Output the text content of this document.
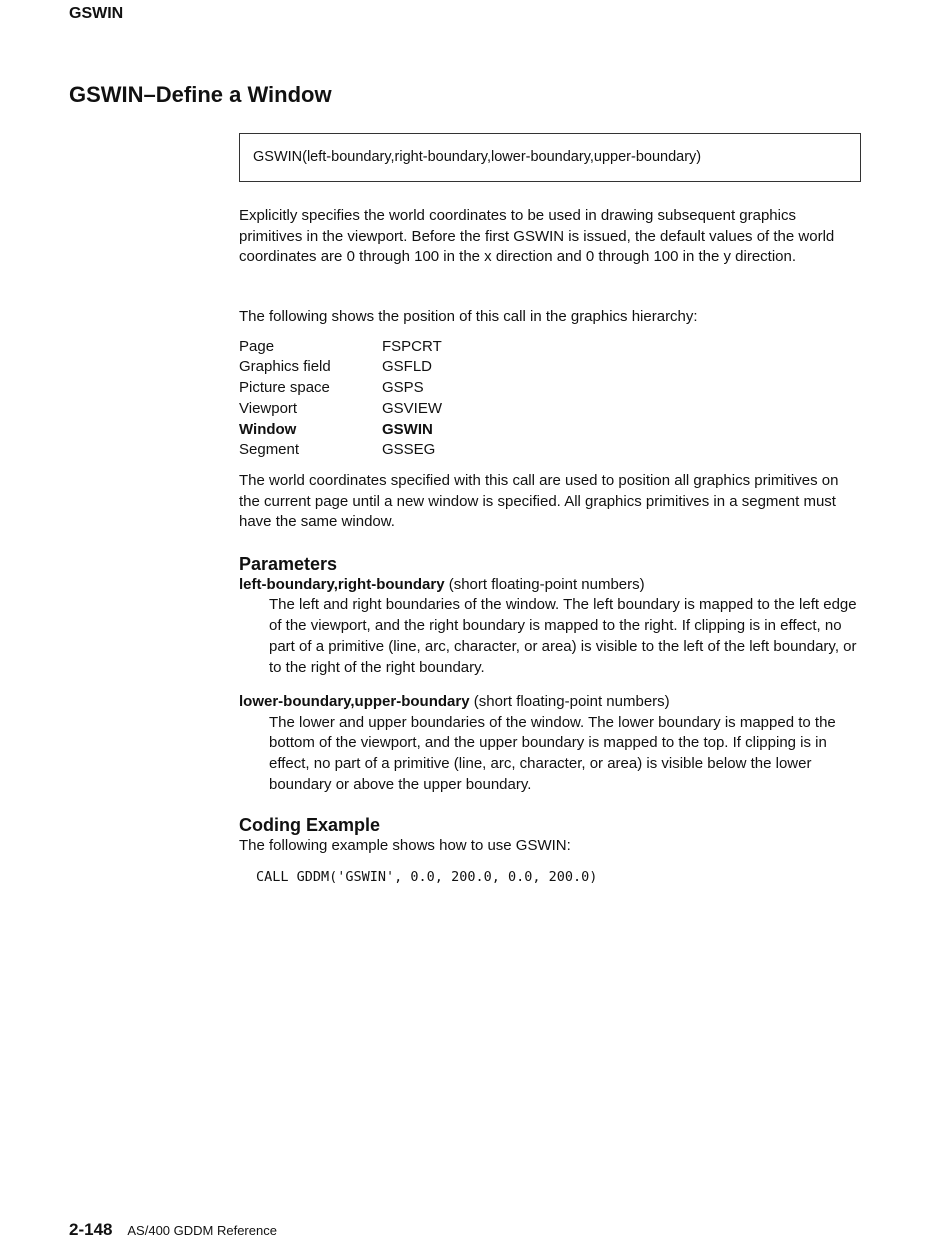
GSWIN

GSWIN–Define a Window
GSWIN(left-boundary,right-boundary,lower-boundary,upper-boundary)

Explicitly specifies the world coordinates to be used in drawing subsequent graphics primitives in the viewport. Before the first GSWIN is issued, the default values of the world coordinates are 0 through 100 in the x direction and 0 through 100 in the y direction.

The following shows the position of this call in the graphics hierarchy:

Page	FSPCRT
Graphics field	GSFLD
Picture space	GSPS
Viewport	GSVIEW
Window	GSWIN
Segment	GSSEG

The world coordinates specified with this call are used to position all graphics primitives on the current page until a new window is specified. All graphics primitives in a segment must have the same window.

Parameters

left-boundary,right-boundary (short floating-point numbers)

The left and right boundaries of the window. The left boundary is mapped to the left edge of the viewport, and the right boundary is mapped to the right. If clipping is in effect, no part of a primitive (line, arc, character, or area) is visible to the left of the left boundary, or to the right of the right boundary.

lower-boundary,upper-boundary (short floating-point numbers)

The lower and upper boundaries of the window. The lower boundary is mapped to the bottom of the viewport, and the upper boundary is mapped to the top. If clipping is in effect, no part of a primitive (line, arc, character, or area) is visible below the lower boundary or above the upper boundary.

Coding Example

The following example shows how to use GSWIN:

CALL GDDM('GSWIN', 0.0, 200.0, 0.0, 200.0)

2-148 AS/400 GDDM Reference
